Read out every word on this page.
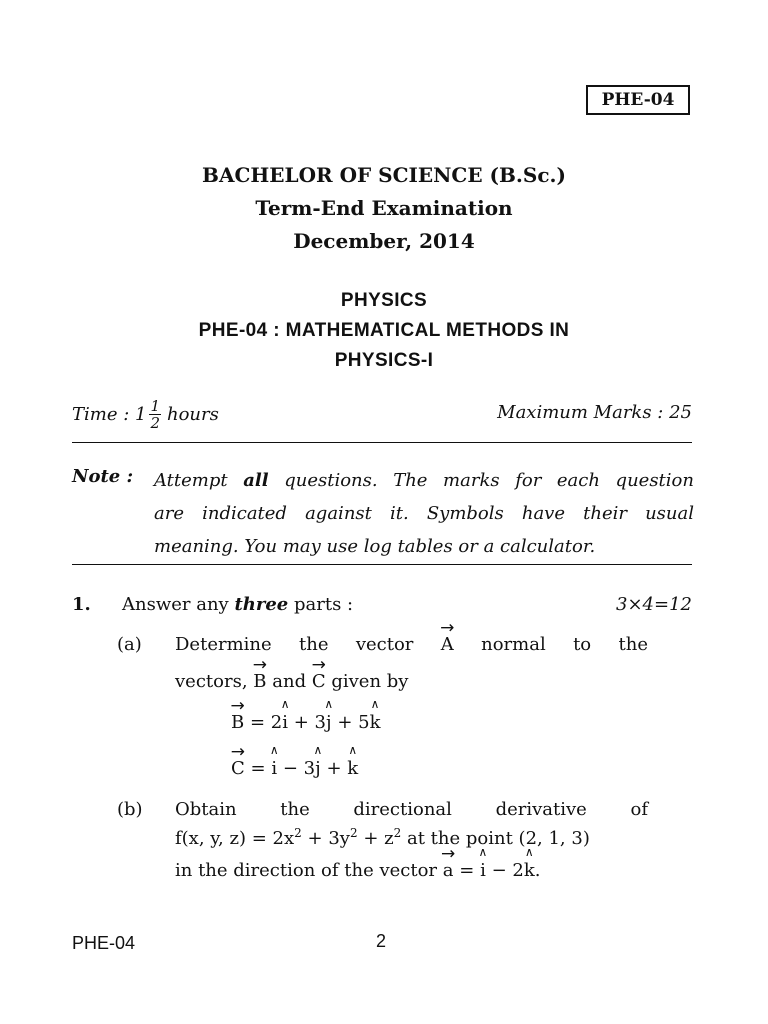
PHE-04
BACHELOR OF SCIENCE (B.Sc.)
Term-End Examination
December, 2014
PHYSICS
PHE-04 : MATHEMATICAL METHODS IN
PHYSICS-I
Time : $1 \frac{1}{2}$ hours	Maximum Marks : 25
Note : Attempt all questions. The marks for each question
are indicated against it. Symbols have their usual
meaning. You may use log tables or a calculator.
1. Answer any three parts :	3×4=12
(a) Determine the vector → A normal to the
vectors, → B and → C given by
→ B = 2∧ i + 3∧ j + 5∧ k
→ C = ∧ i − 3∧ j + ∧ k
(b) Obtain the directional derivative of
f(x, y, $z) = 2x^2 + 3y^2 + z^2$ at the point (2, 1, 3)
in the direction of the vector → a = ∧ i − 2∧ k.
PHE-04	2
